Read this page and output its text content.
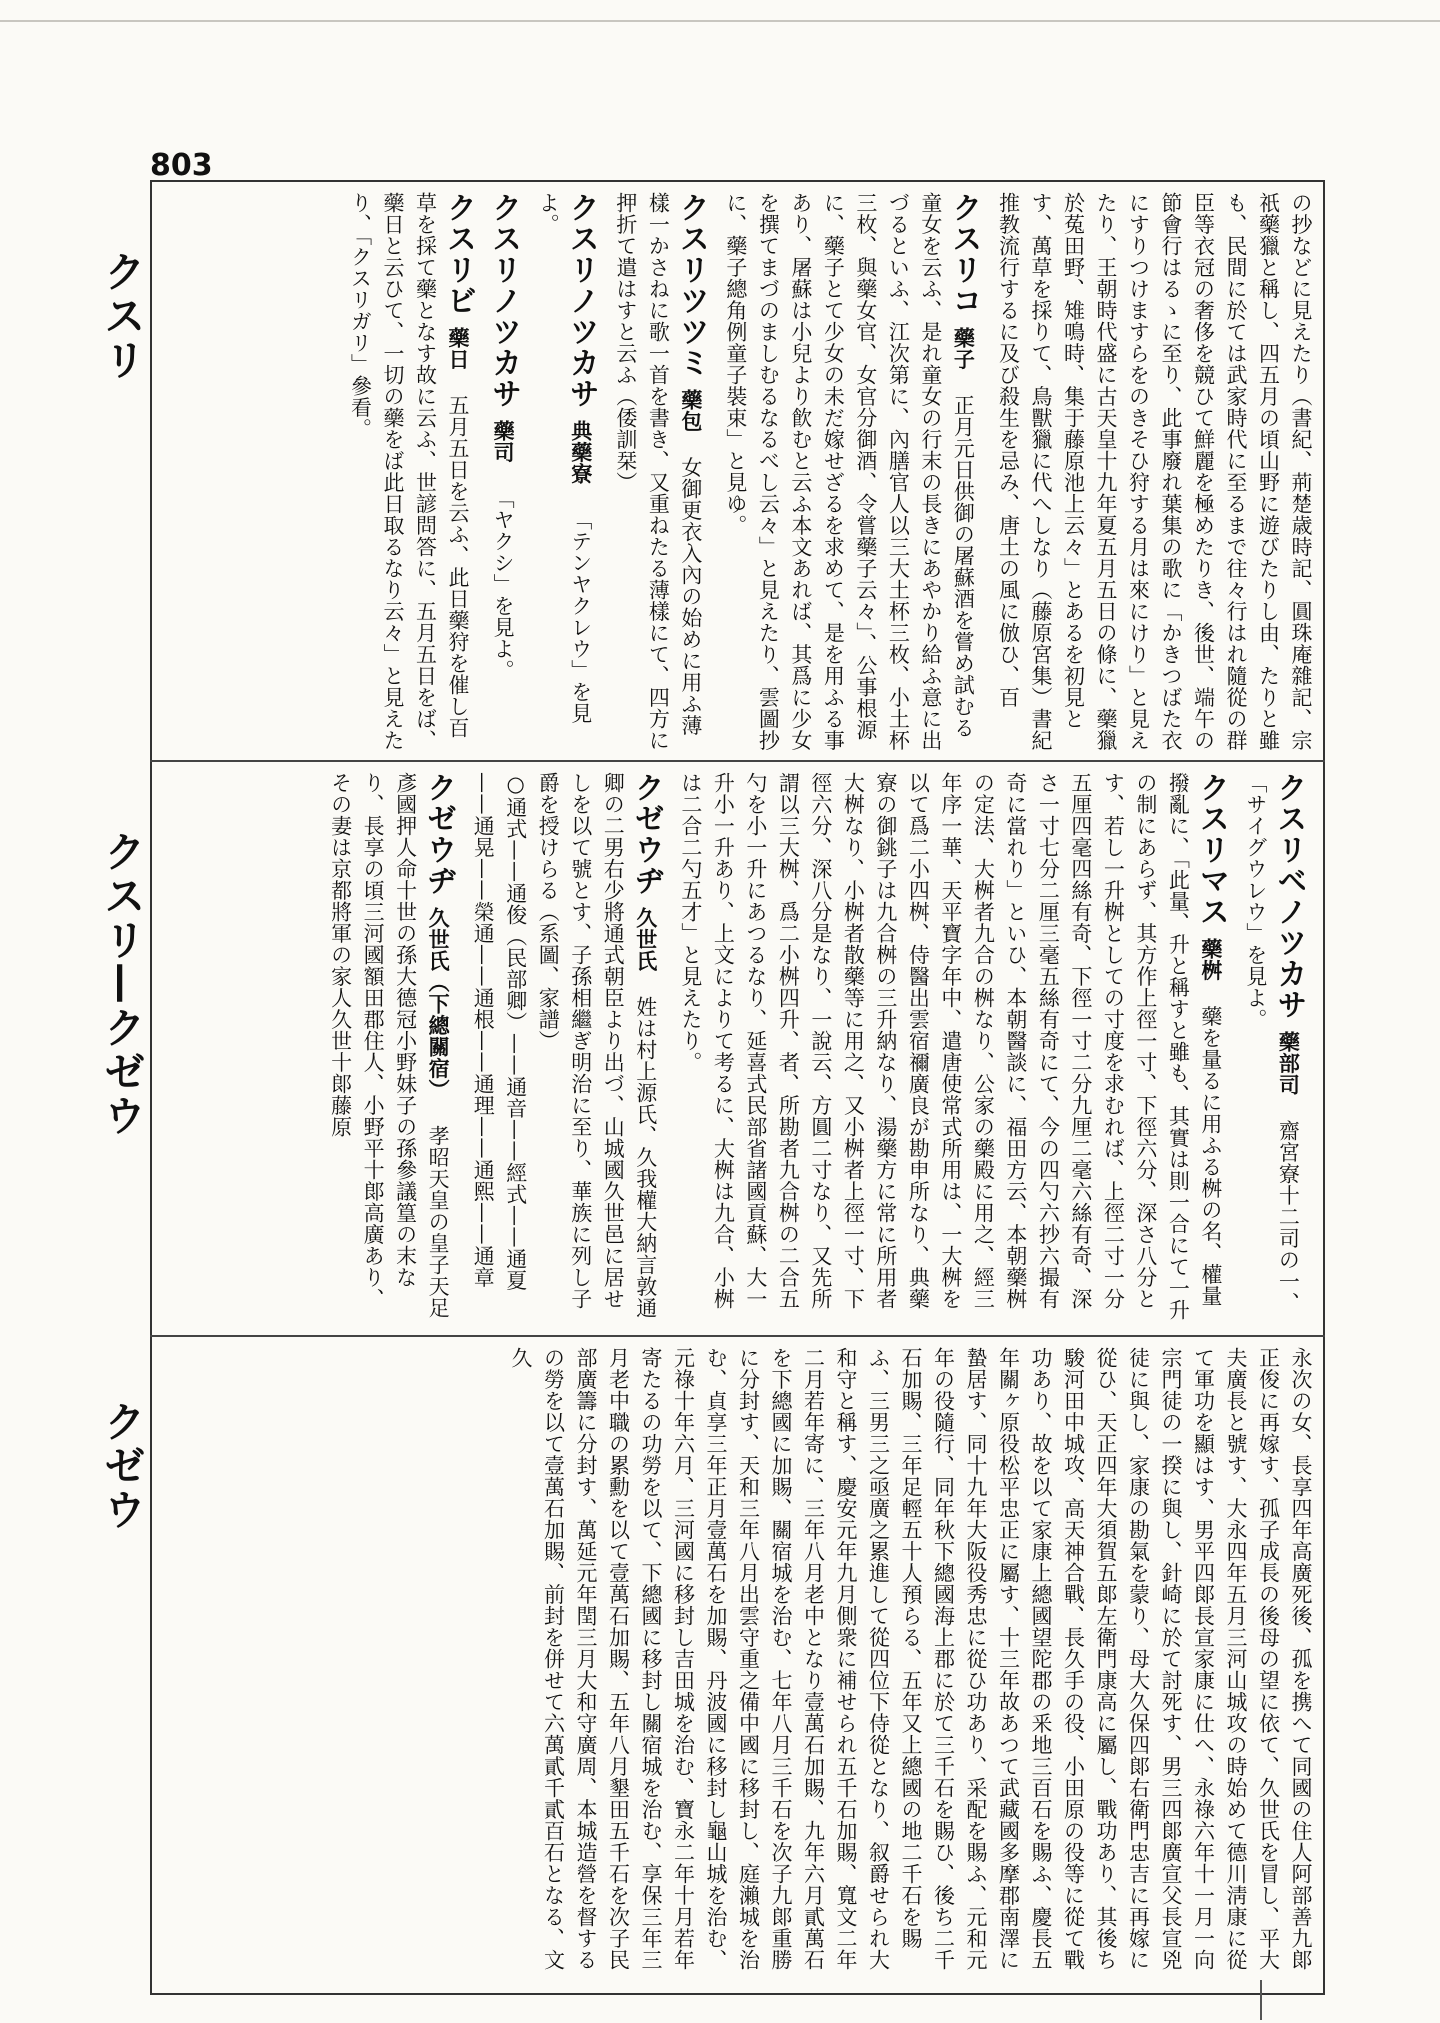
803
クスリ
クスリ—クゼウ
クゼウ

の抄などに見えたり（書紀、荊楚歳時記、圓珠庵雜記、宗祇藥獵と稱し、四五月の頃山野に遊びたりし由、たりと雖も、民間に於ては武家時代に至るまで往々行はれ隨從の群臣等衣冠の奢侈を競ひて鮮麗を極めたりき、後世、端午の節會行はるゝに至り、此事廢れ葉集の歌に「かきつばた衣にすりつけますらをのきそひ狩する月は來にけり」と見えたり、王朝時代盛に古天皇十九年夏五月五日の條に、藥獵於菟田野、雉鳴時、集于藤原池上云々」とあるを初見とす、萬草を採りて、鳥獸獵に代へしなり（藤原宮集）書紀推教流行するに及び殺生を忌み、唐土の風に倣ひ、百

クスリコ藥子正月元日供御の屠蘇酒を嘗め試むる童女を云ふ、是れ童女の行末の長きにあやかり給ふ意に出づるといふ、江次第に、內膳官人以三大土杯三枚、小土杯三枚、與藥女官、女官分御酒、令嘗藥子云々」、公事根源に、藥子とて少女の未だ嫁せざるを求めて、是を用ふる事あり、屠蘇は小兒より飮むと云ふ本文あれば、其爲に少女を撰てまづのましむるなるべし云々」と見えたり、雲圖抄に、藥子總角例童子裝束」と見ゆ。

クスリツツミ藥包女御更衣入內の始めに用ふ薄樣一かさねに歌一首を書き、又重ねたる薄樣にて、四方に押折て遣はすと云ふ（倭訓栞）

クスリノツカサ典藥寮「テンヤクレウ」を見よ。

クスリノツカサ藥司「ヤクシ」を見よ。

クスリビ藥日五月五日を云ふ、此日藥狩を催し百草を採て藥となす故に云ふ、世諺問答に、五月五日をば、藥日と云ひて、一切の藥をば此日取るなり云々」と見えたり、「クスリガリ」參看。

クスリベノツカサ藥部司齋宮寮十二司の一、「サイグウレウ」を見よ。

クスリマス藥桝藥を量るに用ふる桝の名、權量撥亂に、「此量、升と稱すと雖も、其實は則一合にて一升の制にあらず、其方作上徑一寸、下徑六分、深さ八分とす、若し一升桝としての寸度を求むれば、上徑二寸一分五厘四毫四絲有奇、下徑一寸二分九厘二毫六絲有奇、深さ一寸七分二厘三毫五絲有奇にて、今の四勺六抄六撮有奇に當れり」といひ、本朝醫談に、福田方云、本朝藥桝の定法、大桝者九合の桝なり、公家の藥殿に用之、經三年序一華、天平寶字年中、遣唐使常式所用は、一大桝を以て爲二小四桝、侍醫出雲宿禰廣良が勘申所なり、典藥寮の御銚子は九合桝の三升納なり、湯藥方に常に所用者大桝なり、小桝者散藥等に用之、又小桝者上徑一寸、下徑六分、深八分是なり、一說云、方圓二寸なり、又先所謂以三大桝、爲二小桝四升、者、所勘者九合桝の二合五勺を小一升にあつるなり、延喜式民部省諸國貢蘇、大一升小一升あり、上文によりて考るに、大桝は九合、小桝は二合二勺五才」と見えたり。

クゼウヂ久世氏姓は村上源氏、久我權大納言敦通卿の二男右少將通式朝臣より出づ、山城國久世邑に居せしを以て號とす、子孫相繼ぎ明治に至り、華族に列し子爵を授けらる（系圖、家譜）

○通式——通俊（民部卿）——通音——經式——通夏——通晃——榮通——通根——通理——通熙——通章

クゼウヂ久世氏（下總關宿）孝昭天皇の皇子天足彥國押人命十世の孫大德冠小野妹子の孫參議篁の末なり、長享の頃三河國額田郡住人、小野平十郞高廣あり、その妻は京都將軍の家人久世十郞藤原

永次の女、長享四年高廣死後、孤を携へて同國の住人阿部善九郞正俊に再嫁す、孤子成長の後母の望に依て、久世氏を冒し、平大夫廣長と號す、大永四年五月三河山城攻の時始めて德川淸康に從て軍功を顯はす、男平四郞長宣家康に仕へ、永祿六年十一月一向宗門徒の一揆に與し、針崎に於て討死す、男三四郞廣宣父長宣兇徒に與し、家康の勘氣を蒙り、母大久保四郞右衛門忠吉に再嫁に從ひ、天正四年大須賀五郞左衛門康高に屬し、戰功あり、其後ち駿河田中城攻、高天神合戰、長久手の役、小田原の役等に從て戰功あり、故を以て家康上總國望陀郡の釆地三百石を賜ふ、慶長五年關ヶ原役松平忠正に屬す、十三年故あつて武藏國多摩郡南澤に蟄居す、同十九年大阪役秀忠に從ひ功あり、采配を賜ふ、元和元年の役隨行、同年秋下總國海上郡に於て三千石を賜ひ、後ち二千石加賜、三年足輕五十人預らる、五年又上總國の地二千石を賜ふ、三男三之亟廣之累進して從四位下侍從となり、叙爵せられ大和守と稱す、慶安元年九月側衆に補せられ五千石加賜、寬文二年二月若年寄に、三年八月老中となり壹萬石加賜、九年六月貳萬石を下總國に加賜、關宿城を治む、七年八月三千石を次子九郞重勝に分封す、天和三年八月出雲守重之備中國に移封し、庭瀨城を治む、貞享三年正月壹萬石を加賜、丹波國に移封し龜山城を治む、元祿十年六月、三河國に移封し吉田城を治む、寶永二年十月若年寄たるの功勞を以て、下總國に移封し關宿城を治む、享保三年三月老中職の累勳を以て壹萬石加賜、五年八月墾田五千石を次子民部廣籌に分封す、萬延元年閏三月大和守廣周、本城造營を督するの勞を以て壹萬石加賜、前封を併せて六萬貳千貳百石となる、文久
